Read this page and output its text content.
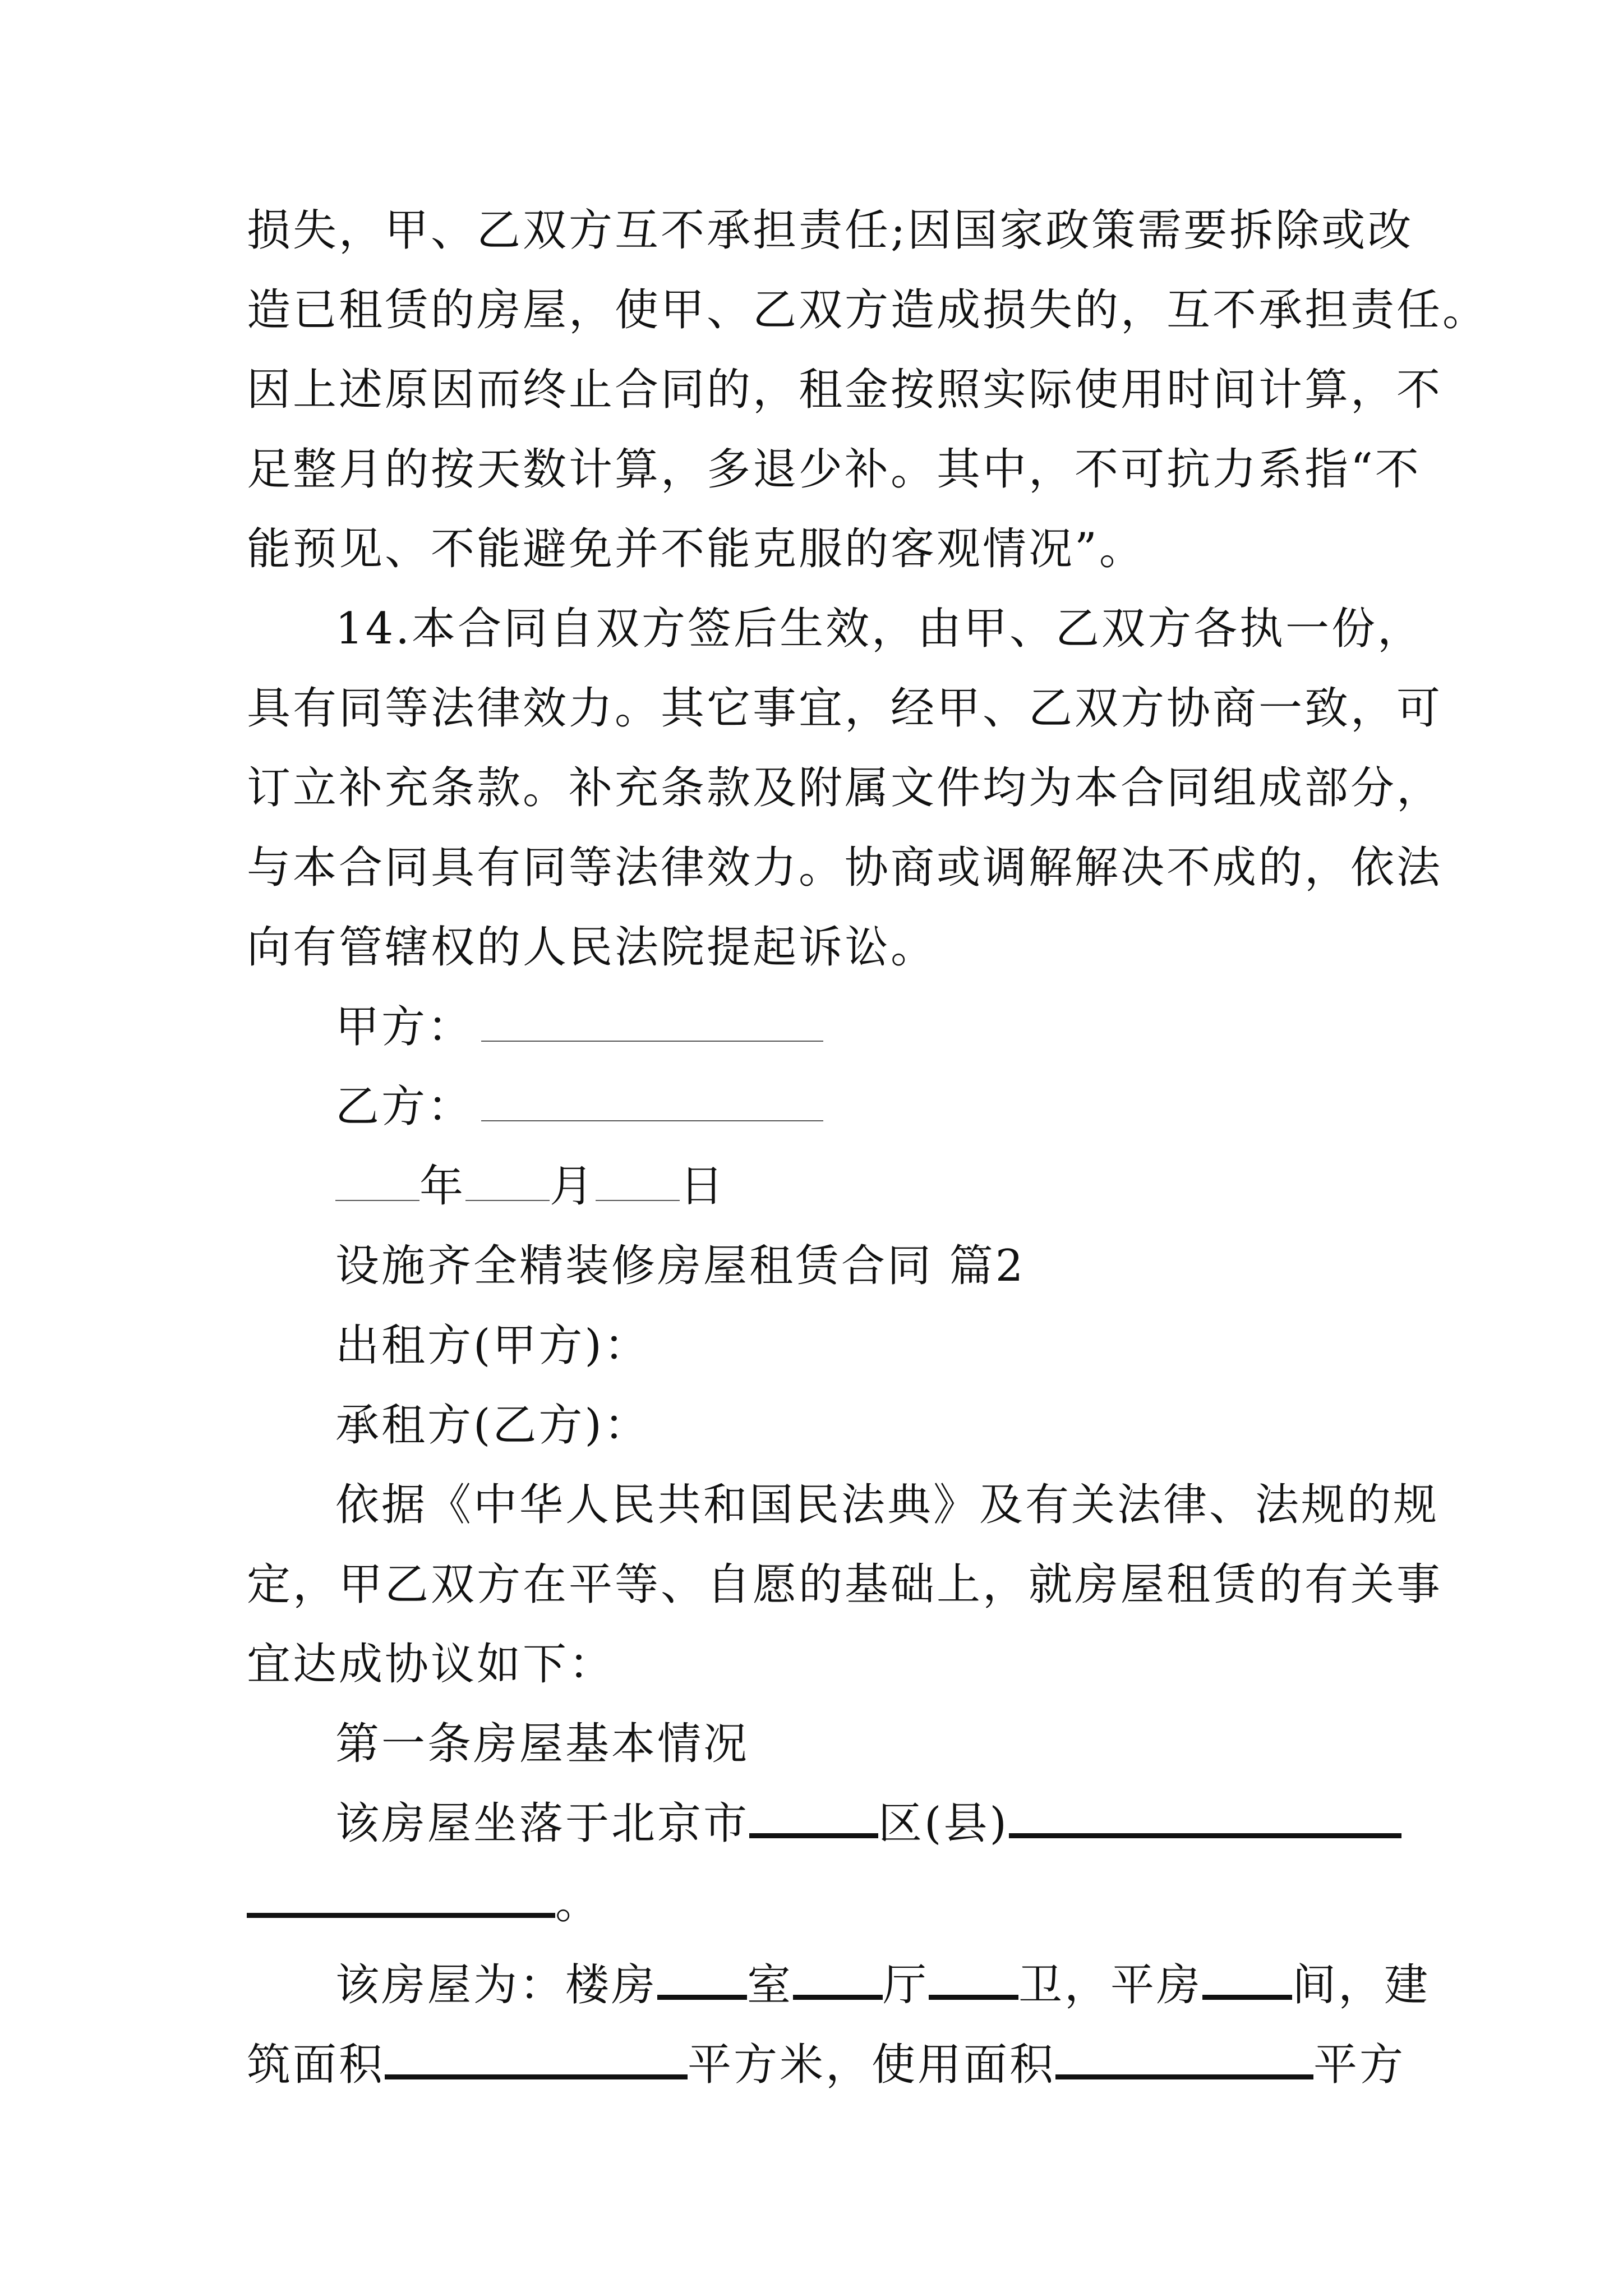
损失，甲、乙双方互不承担责任;因国家政策需要拆除或改
造已租赁的房屋，使甲、乙双方造成损失的，互不承担责任。
因上述原因而终止合同的，租金按照实际使用时间计算，不
足整月的按天数计算，多退少补。其中，不可抗力系指“不
能预见、不能避免并不能克服的客观情况”。
14.本合同自双方签后生效，由甲、乙双方各执一份，
具有同等法律效力。其它事宜，经甲、乙双方协商一致，可
订立补充条款。补充条款及附属文件均为本合同组成部分，
与本合同具有同等法律效力。协商或调解解决不成的，依法
向有管辖权的人民法院提起诉讼。
甲方：
乙方：
年 月 日
设施齐全精装修房屋租赁合同 篇2
出租方(甲方)：
承租方(乙方)：
依据《中华人民共和国民法典》及有关法律、法规的规
定，甲乙双方在平等、自愿的基础上，就房屋租赁的有关事
宜达成协议如下：
第一条房屋基本情况
该房屋坐落于北京市	区(县)
。
该房屋为：楼房 室 厅 卫，平房 间，建
筑面积	平方米，使用面积	平方
